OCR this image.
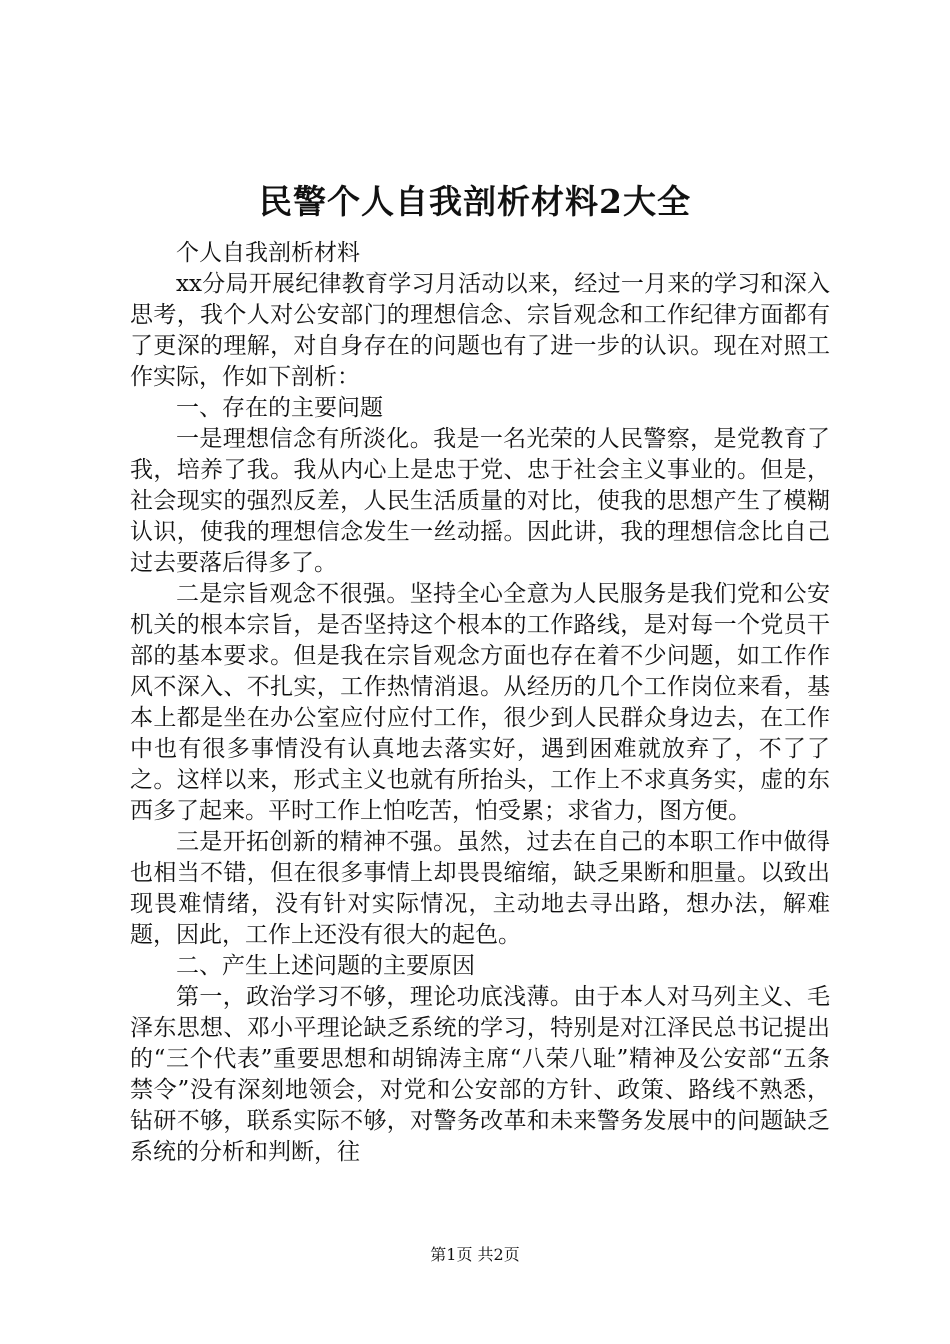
民警个人自我剖析材料2大全

个人自我剖析材料

xx分局开展纪律教育学习月活动以来，经过一月来的学习和深入思考，我个人对公安部门的理想信念、宗旨观念和工作纪律方面都有了更深的理解，对自身存在的问题也有了进一步的认识。现在对照工作实际，作如下剖析：

一、存在的主要问题

一是理想信念有所淡化。我是一名光荣的人民警察，是党教育了我，培养了我。我从内心上是忠于党、忠于社会主义事业的。但是，社会现实的强烈反差，人民生活质量的对比，使我的思想产生了模糊认识，使我的理想信念发生一丝动摇。因此讲，我的理想信念比自己过去要落后得多了。

二是宗旨观念不很强。坚持全心全意为人民服务是我们党和公安机关的根本宗旨，是否坚持这个根本的工作路线，是对每一个党员干部的基本要求。但是我在宗旨观念方面也存在着不少问题，如工作作风不深入、不扎实，工作热情消退。从经历的几个工作岗位来看，基本上都是坐在办公室应付应付工作，很少到人民群众身边去，在工作中也有很多事情没有认真地去落实好，遇到困难就放弃了，不了了之。这样以来，形式主义也就有所抬头，工作上不求真务实，虚的东西多了起来。平时工作上怕吃苦，怕受累；求省力，图方便。

三是开拓创新的精神不强。虽然，过去在自己的本职工作中做得也相当不错，但在很多事情上却畏畏缩缩，缺乏果断和胆量。以致出现畏难情绪，没有针对实际情况，主动地去寻出路，想办法，解难题，因此，工作上还没有很大的起色。

二、产生上述问题的主要原因

第一，政治学习不够，理论功底浅薄。由于本人对马列主义、毛泽东思想、邓小平理论缺乏系统的学习，特别是对江泽民总书记提出的“三个代表”重要思想和胡锦涛主席“八荣八耻”精神及公安部“五条禁令”没有深刻地领会，对党和公安部的方针、政策、路线不熟悉，钻研不够，联系实际不够，对警务改革和未来警务发展中的问题缺乏系统的分析和判断，往

第1页 共2页
